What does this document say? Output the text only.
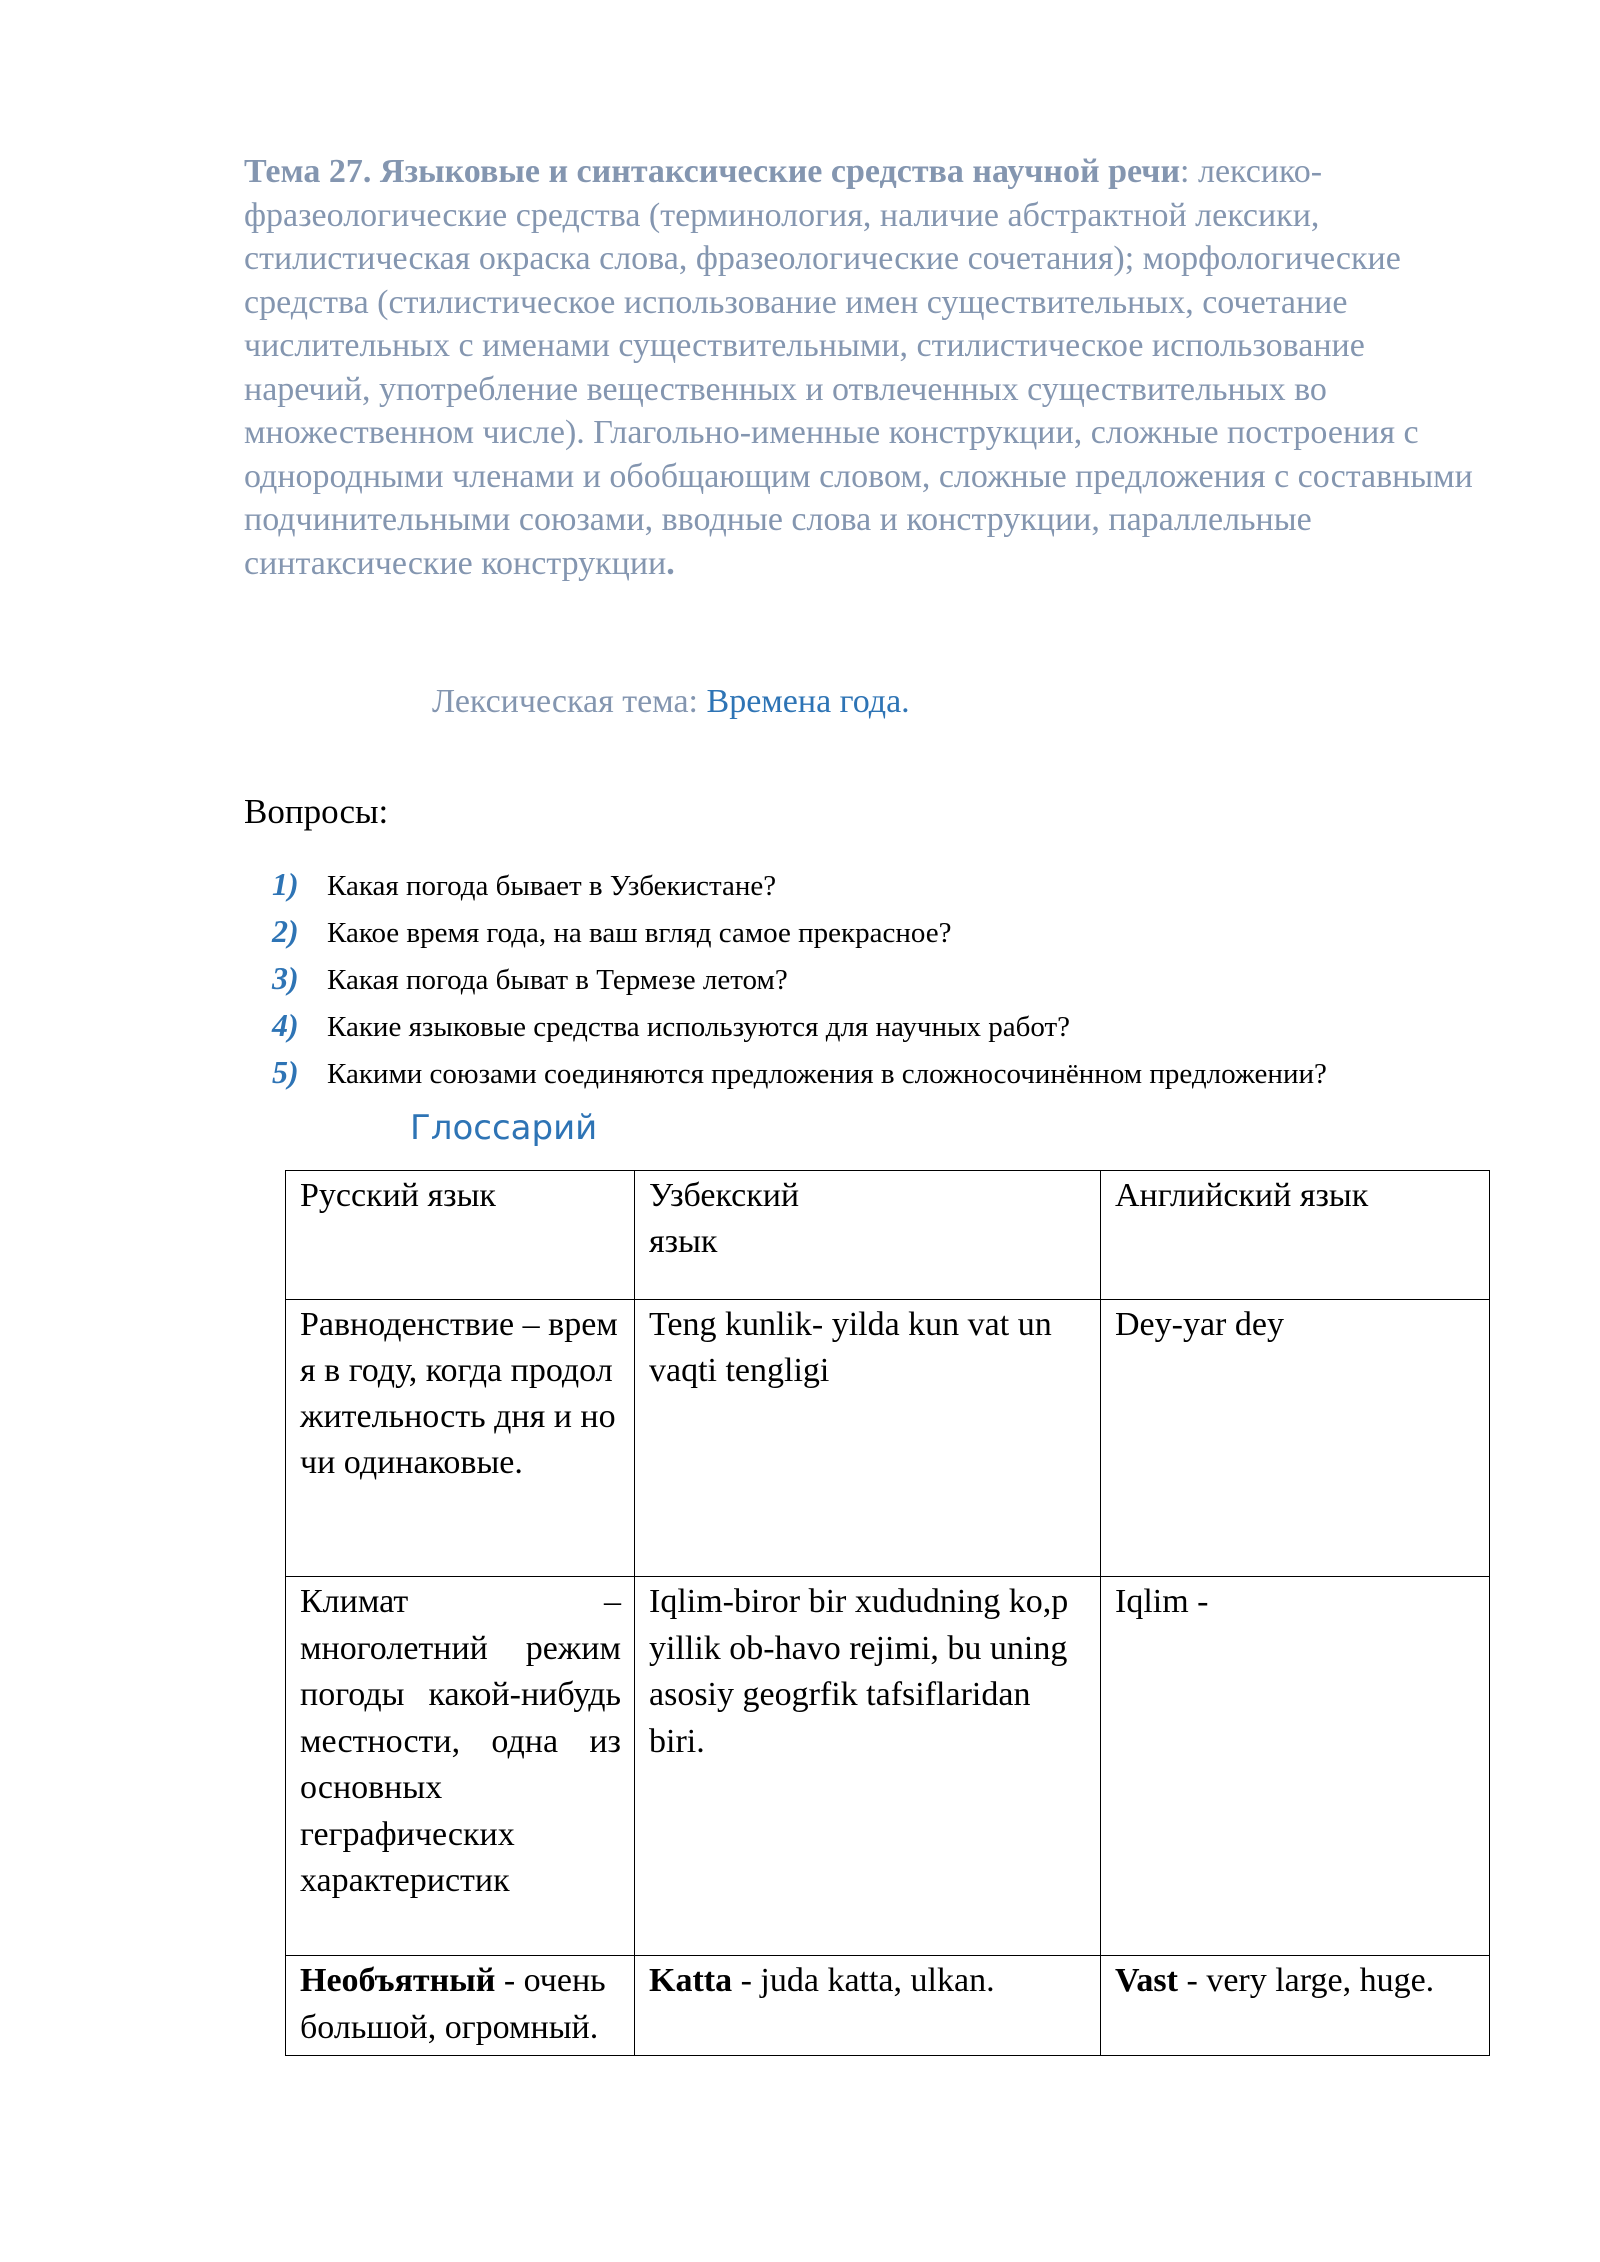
Тема 27. Языковые и синтаксические средства научной речи: лексико-фразеологические средства (терминология, наличие абстрактной лексики, стилистическая окраска слова, фразеологические сочетания); морфологические средства (стилистическое использование имен существительных, сочетание числительных с именами существительными, стилистическое использование наречий, употребление вещественных и отвлеченных существительных во множественном числе). Глагольно-именные конструкции, сложные построения с однородными членами и обобщающим словом, сложные предложения с составными подчинительными союзами, вводные слова и конструкции, параллельные синтаксические конструкции.
Лексическая тема: Времена года.
Вопросы:
1) Какая погода бывает в Узбекистане?
2) Какое время года, на ваш вгляд самое прекрасное?
3) Какая погода быват в Термезе летом?
4) Какие языковые средства используются для научных работ?
5) Какими союзами соединяются предложения в сложносочинённом предложении?
Глоссарий
Русский язык	Узбекский язык	Английский язык
Равноденствие – время в году, когда продолжительность дня и ночи одинаковые.	Teng kunlik- yilda kun vat un vaqti tengligi	Dey-yar dey
Климат – многолетний режим погоды какой-нибудь местности, одна из основных геграфических характеристик	Iqlim-biror bir xududning ko,p yillik ob-havo rejimi, bu uning asosiy geogrfik tafsiflaridan biri.	Iqlim -
Необъятный - очень большой, огромный.	Katta - juda katta, ulkan.	Vast - very large, huge.
